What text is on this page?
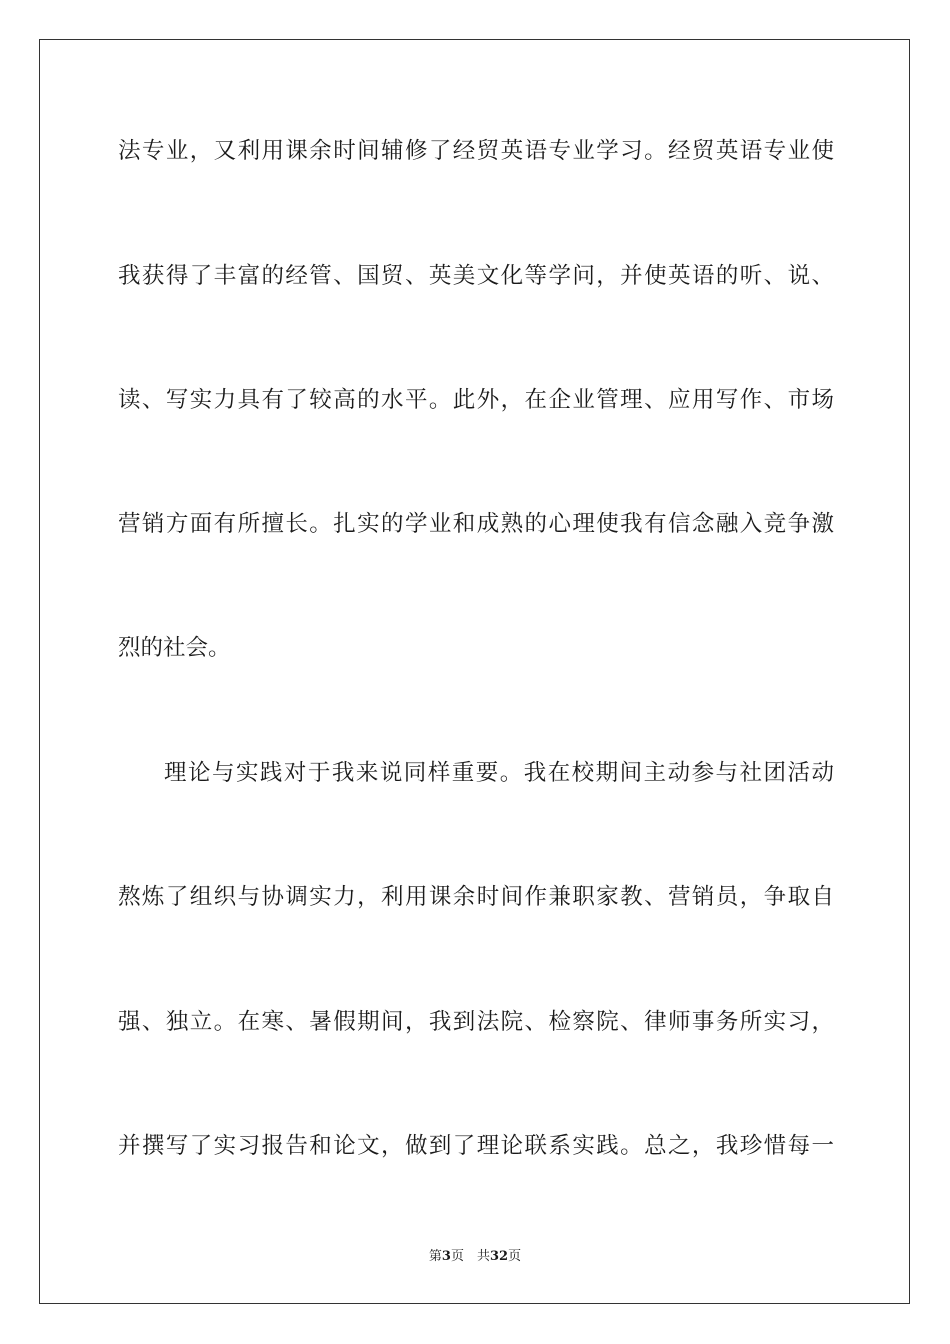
法专业，又利用课余时间辅修了经贸英语专业学习。经贸英语专业使
我获得了丰富的经管、国贸、英美文化等学问，并使英语的听、说、
读、写实力具有了较高的水平。此外，在企业管理、应用写作、市场
营销方面有所擅长。扎实的学业和成熟的心理使我有信念融入竞争激
烈的社会。
理论与实践对于我来说同样重要。我在校期间主动参与社团活动
熬炼了组织与协调实力，利用课余时间作兼职家教、营销员，争取自
强、独立。在寒、暑假期间，我到法院、检察院、律师事务所实习，
并撰写了实习报告和论文，做到了理论联系实践。总之，我珍惜每一
第3页　共32页
